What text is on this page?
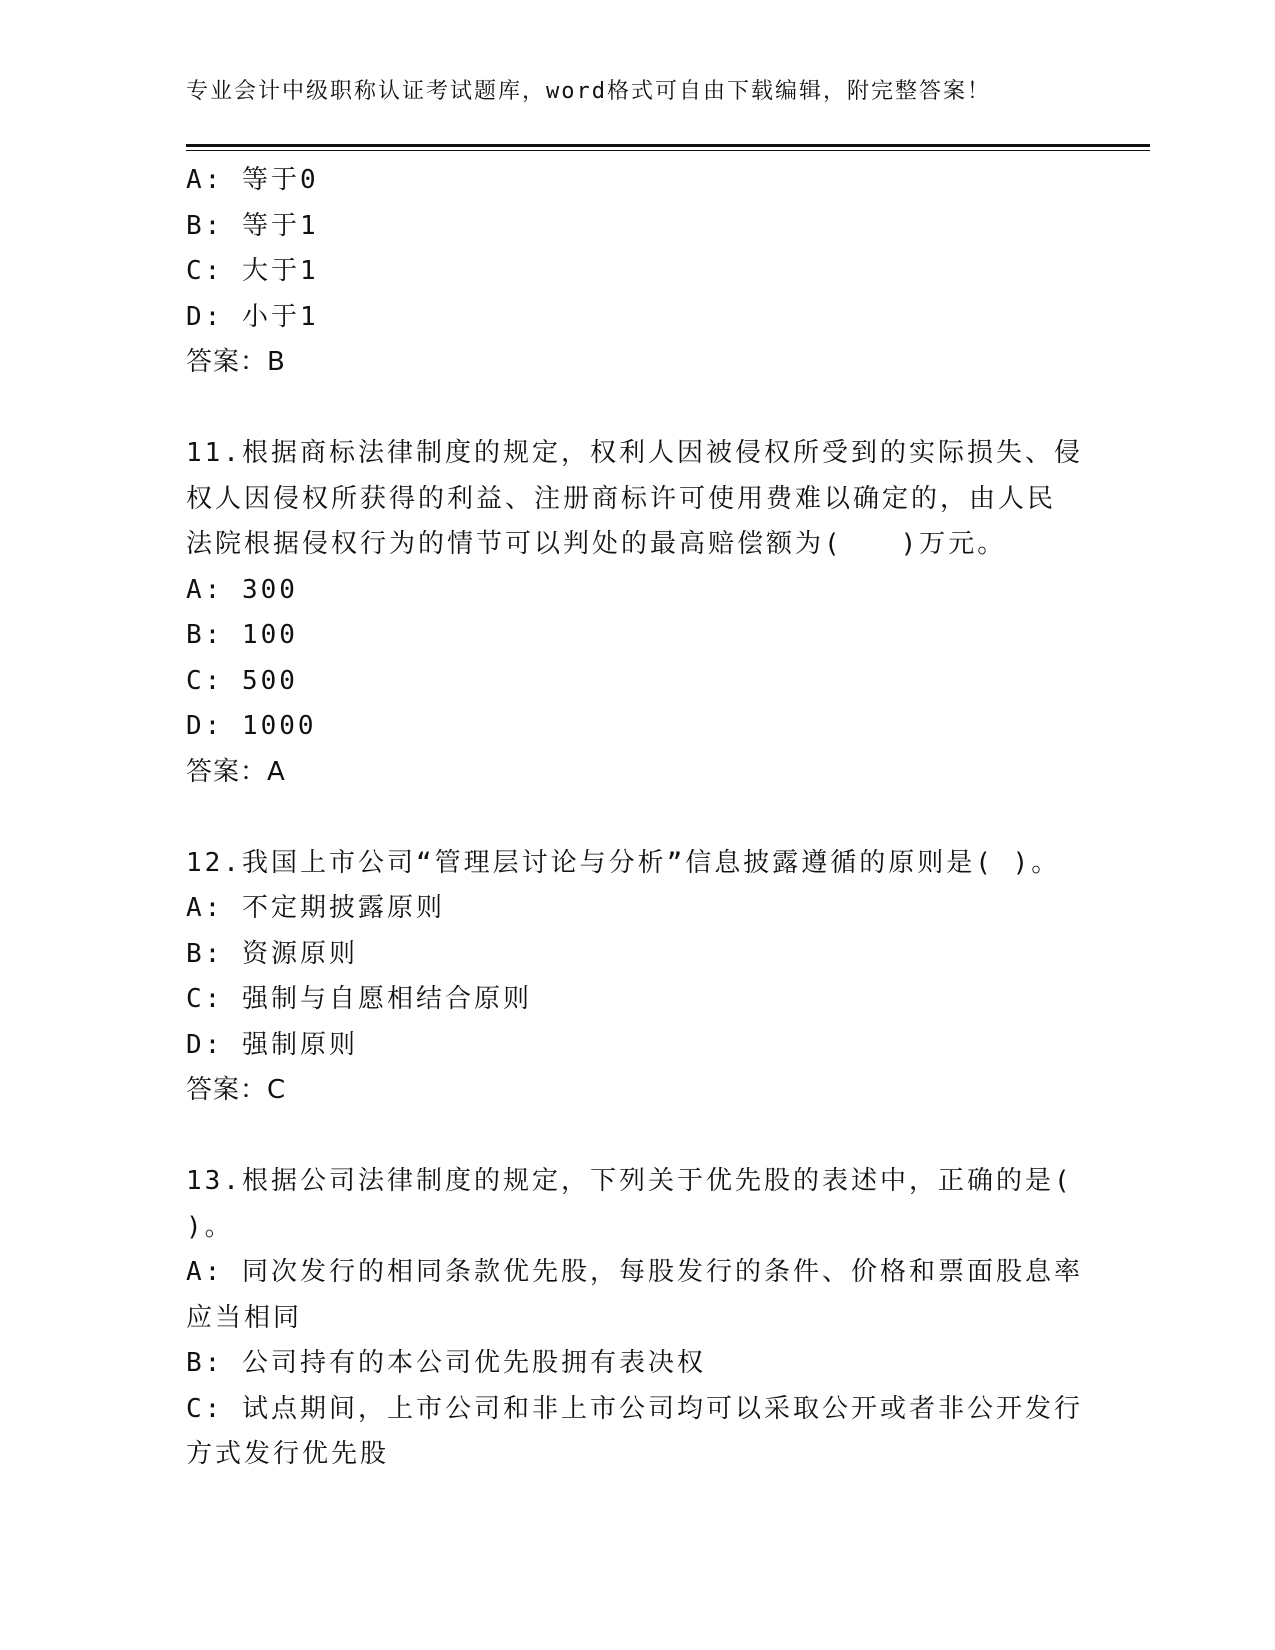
专业会计中级职称认证考试题库，word格式可自由下载编辑，附完整答案！
A: 等于0
B: 等于1
C: 大于1
D: 小于1
答案：B
11.根据商标法律制度的规定，权利人因被侵权所受到的实际损失、侵
权人因侵权所获得的利益、注册商标许可使用费难以确定的，由人民
法院根据侵权行为的情节可以判处的最高赔偿额为(　　)万元。
A: 300
B: 100
C: 500
D: 1000
答案：A
12.我国上市公司“管理层讨论与分析”信息披露遵循的原则是( )。
A: 不定期披露原则
B: 资源原则
C: 强制与自愿相结合原则
D: 强制原则
答案：C
13.根据公司法律制度的规定，下列关于优先股的表述中，正确的是(
)。
A: 同次发行的相同条款优先股，每股发行的条件、价格和票面股息率
应当相同
B: 公司持有的本公司优先股拥有表决权
C: 试点期间，上市公司和非上市公司均可以采取公开或者非公开发行
方式发行优先股
